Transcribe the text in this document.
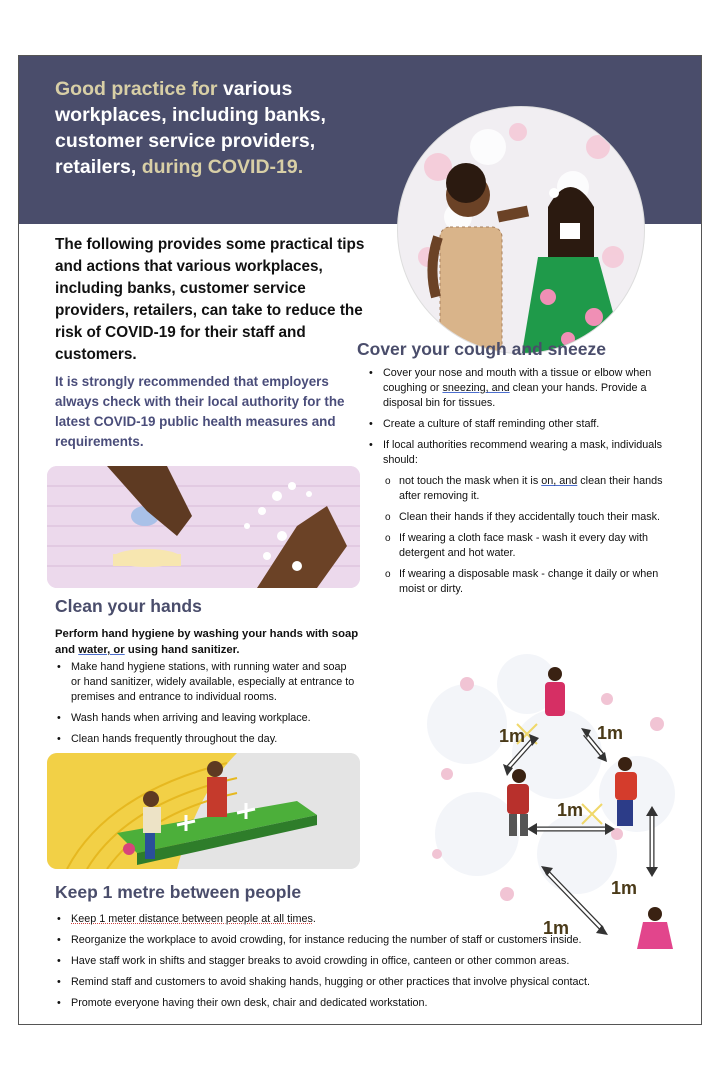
Good practice for various workplaces, including banks, customer service providers, retailers, during COVID-19.

The following provides some practical tips and actions that various workplaces, including banks, customer service providers, retailers, can take to reduce the risk of COVID-19 for their staff and customers.

It is strongly recommended that employers always check with their local authority for the latest COVID-19 public health measures and requirements.

Clean your hands

Perform hand hygiene by washing your hands with soap and water, or using hand sanitizer.

• Make hand hygiene stations, with running water and soap or hand sanitizer, widely available, especially at entrance to premises and entrance to individual rooms.
• Wash hands when arriving and leaving workplace.
• Clean hands frequently throughout the day.
Cover your cough and sneeze
• Cover your nose and mouth with a tissue or elbow when coughing or sneezing, and clean your hands. Provide a disposal bin for tissues.
• Create a culture of staff reminding other staff.
• If local authorities recommend wearing a mask, individuals should:
o not touch the mask when it is on, and clean their hands after removing it.
o Clean their hands if they accidentally touch their mask.
o If wearing a cloth face mask - wash it every day with detergent and hot water.
o If wearing a disposable mask - change it daily or when moist or dirty.
1m	1m
1m
1m
1m
Keep 1 metre between people
• Keep 1 meter distance between people at all times.
• Reorganize the workplace to avoid crowding, for instance reducing the number of staff or customers inside.
• Have staff work in shifts and stagger breaks to avoid crowding in office, canteen or other common areas.
• Remind staff and customers to avoid shaking hands, hugging or other practices that involve physical contact.
• Promote everyone having their own desk, chair and dedicated workstation.
